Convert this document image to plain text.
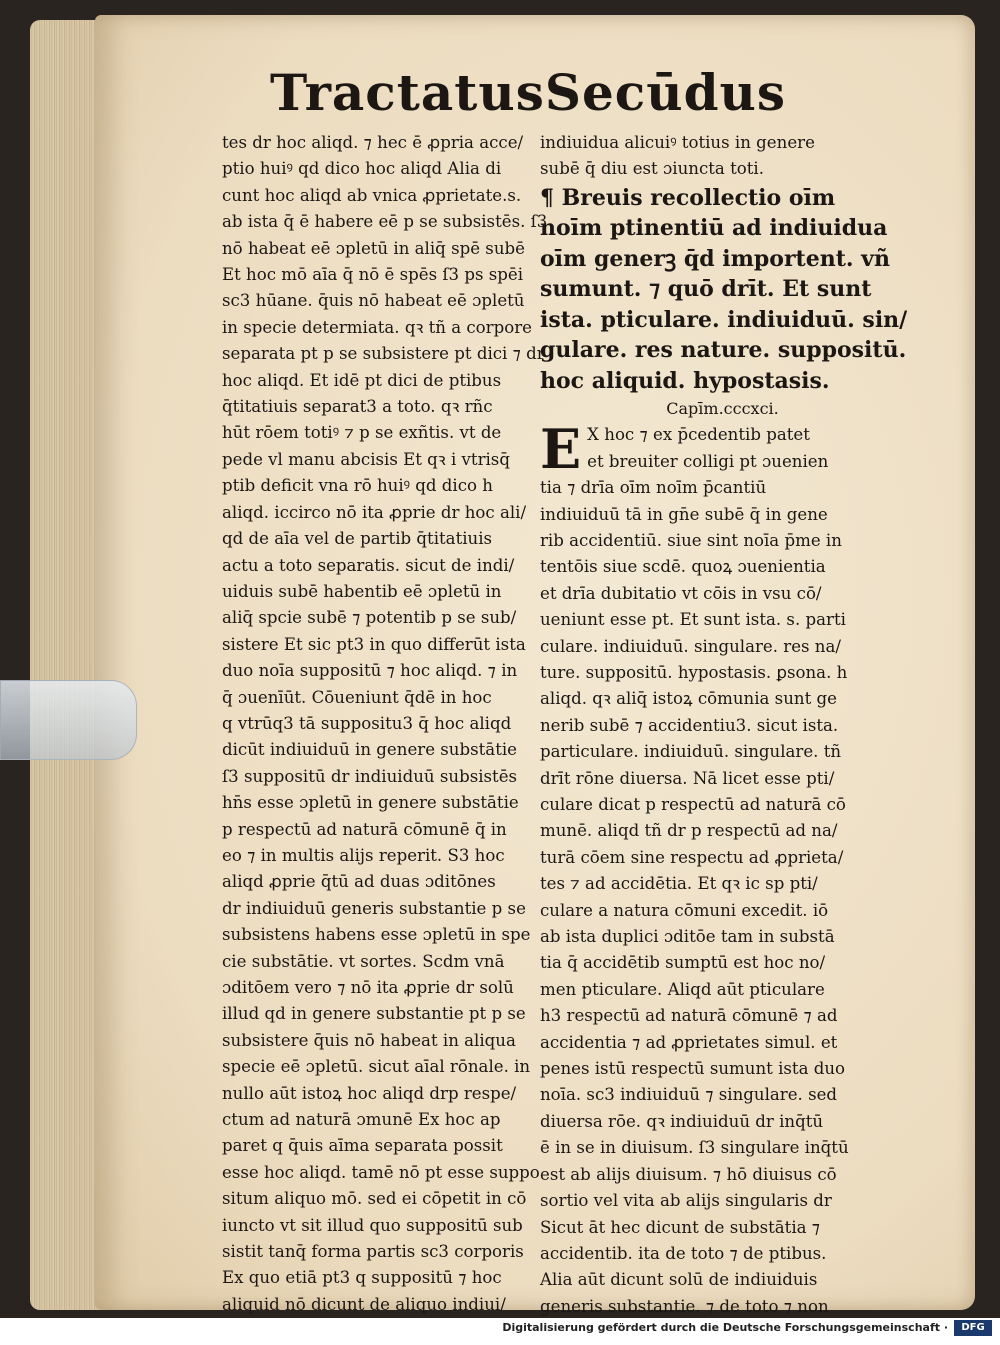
Tractatus Secūdus
tes dr hoc aliqd. ⁊ hec ē ꝓpria acce/
ptio huiꝰ qd dico hoc aliqd Alia di
cunt hoc aliqd ab vnica ꝓprietate.s.
ab ista q̄ ē habere eē p se subsistēs. ſ3
nō habeat eē ɔpletū in aliq̄ spē subē
Et hoc mō aīa q̄ nō ē spēs ſ3 ps spēi
sc3 hūane. q̄uis nō habeat eē ɔpletū
in specie determiata. qꝛ tñ a corpore
separata pt p se subsistere pt dici ⁊ dr
hoc aliqd. Et idē pt dici de ptibus
q̄titatiuis separat3 a toto. qꝛ rñc
hūt rōem totiꝰ ⁊ p se exñtis. vt de
pede vl manu abcisis Et qꝛ i vtrisq̄
ptib deficit vna rō huiꝰ qd dico h
aliqd. iccirco nō ita ꝓprie dr hoc ali/
qd de aīa vel de partib q̄titatiuis
actu a toto separatis. sicut de indi/
uiduis subē habentib eē ɔpletū in
aliq̄ spcie subē ⁊ potentib p se sub/
sistere Et sic pt3 in quo differūt ista
duo noīa suppositū ⁊ hoc aliqd. ⁊ in
q̄ ɔuenīūt. Cōueniunt q̄dē in hoc
q vtrūq3 tā suppositu3 q̄ hoc aliqd
dicūt indiuiduū in genere substātie
ſ3 suppositū dr indiuiduū subsistēs
hn̄s esse ɔpletū in genere substātie
p respectū ad naturā cōmunē q̄ in
eo ⁊ in multis alijs reperit. S3 hoc
aliqd ꝓprie q̄tū ad duas ɔditōnes
dr indiuiduū generis substantie p se
subsistens habens esse ɔpletū in spe
cie substātie. vt sortes. Scdm vnā
ɔditōem vero ⁊ nō ita ꝓprie dr solū
illud qd in genere substantie pt p se
subsistere q̄uis nō habeat in aliqua
specie eē ɔpletū. sicut aīal rōnale. in
nullo aūt istoꝝ hoc aliqd drp respe/
ctum ad naturā ɔmunē Ex hoc ap
paret q q̄uis aīma separata possit
esse hoc aliqd. tamē nō pt esse suppo
situm aliquo mō. sed ei cōpetit in cō
iuncto vt sit illud quo suppositū sub
sistit tanq̄ forma partis sc3 corporis
Ex quo etiā pt3 q suppositū ⁊ hoc
aliquid nō dicunt de aliquo indiui/
indiuidua alicuiꝰ totius in genere
subē q̄ diu est ɔiuncta toti.
¶ Breuis recollectio oīm
noīm ptinentiū ad indiuidua
oīm generꝫ q̄d importent. vñ
sumunt. ⁊ quō drīt. Et sunt
ista. pticulare. indiuiduū. sin/
gulare. res nature. suppositū.
hoc aliquid. hypostasis.
Capīm.cccxci.
E X hoc ⁊ ex p̄cedentib patet
et breuiter colligi pt ɔuenien
tia ⁊ drīa oīm noīm p̄cantiū
indiuiduū tā in gn̄e subē q̄ in gene
rib accidentiū. siue sint noīa p̄me in
tentōis siue scdē. quoꝝ ɔuenientia
et drīa dubitatio vt cōis in vsu cō/
ueniunt esse pt. Et sunt ista. s. parti
culare. indiuiduū. singulare. res na/
ture. suppositū. hypostasis. ꝑsona. h
aliqd. qꝛ aliq̄ istoꝝ cōmunia sunt ge
nerib subē ⁊ accidentiu3. sicut ista.
particulare. indiuiduū. singulare. tñ
drīt rōne diuersa. Nā licet esse pti/
culare dicat p respectū ad naturā cō
munē. aliqd tñ dr p respectū ad na/
turā cōem sine respectu ad ꝓprieta/
tes ⁊ ad accidētia. Et qꝛ ic sp pti/
culare a natura cōmuni excedit. iō
ab ista duplici ɔditōe tam in substā
tia q̄ accidētib sumptū est hoc no/
men pticulare. Aliqd aūt pticulare
h3 respectū ad naturā cōmunē ⁊ ad
accidentia ⁊ ad ꝓprietates simul. et
penes istū respectū sumunt ista duo
noīa. sc3 indiuiduū ⁊ singulare. sed
diuersa rōe. qꝛ indiuiduū dr inq̄tū
ē in se in diuisum. ſ3 singulare inq̄tū
est ab alijs diuisum. ⁊ hō diuisus cō
sortio vel vita ab alijs singularis dr
Sicut āt hec dicunt de substātia ⁊
accidentib. ita de toto ⁊ de ptibus.
Alia aūt dicunt solū de indiuiduis
generis substantie. ⁊ de toto ⁊ non
Digitalisierung gefördert durch die Deutsche Forschungsgemeinschaft ·	DFG
